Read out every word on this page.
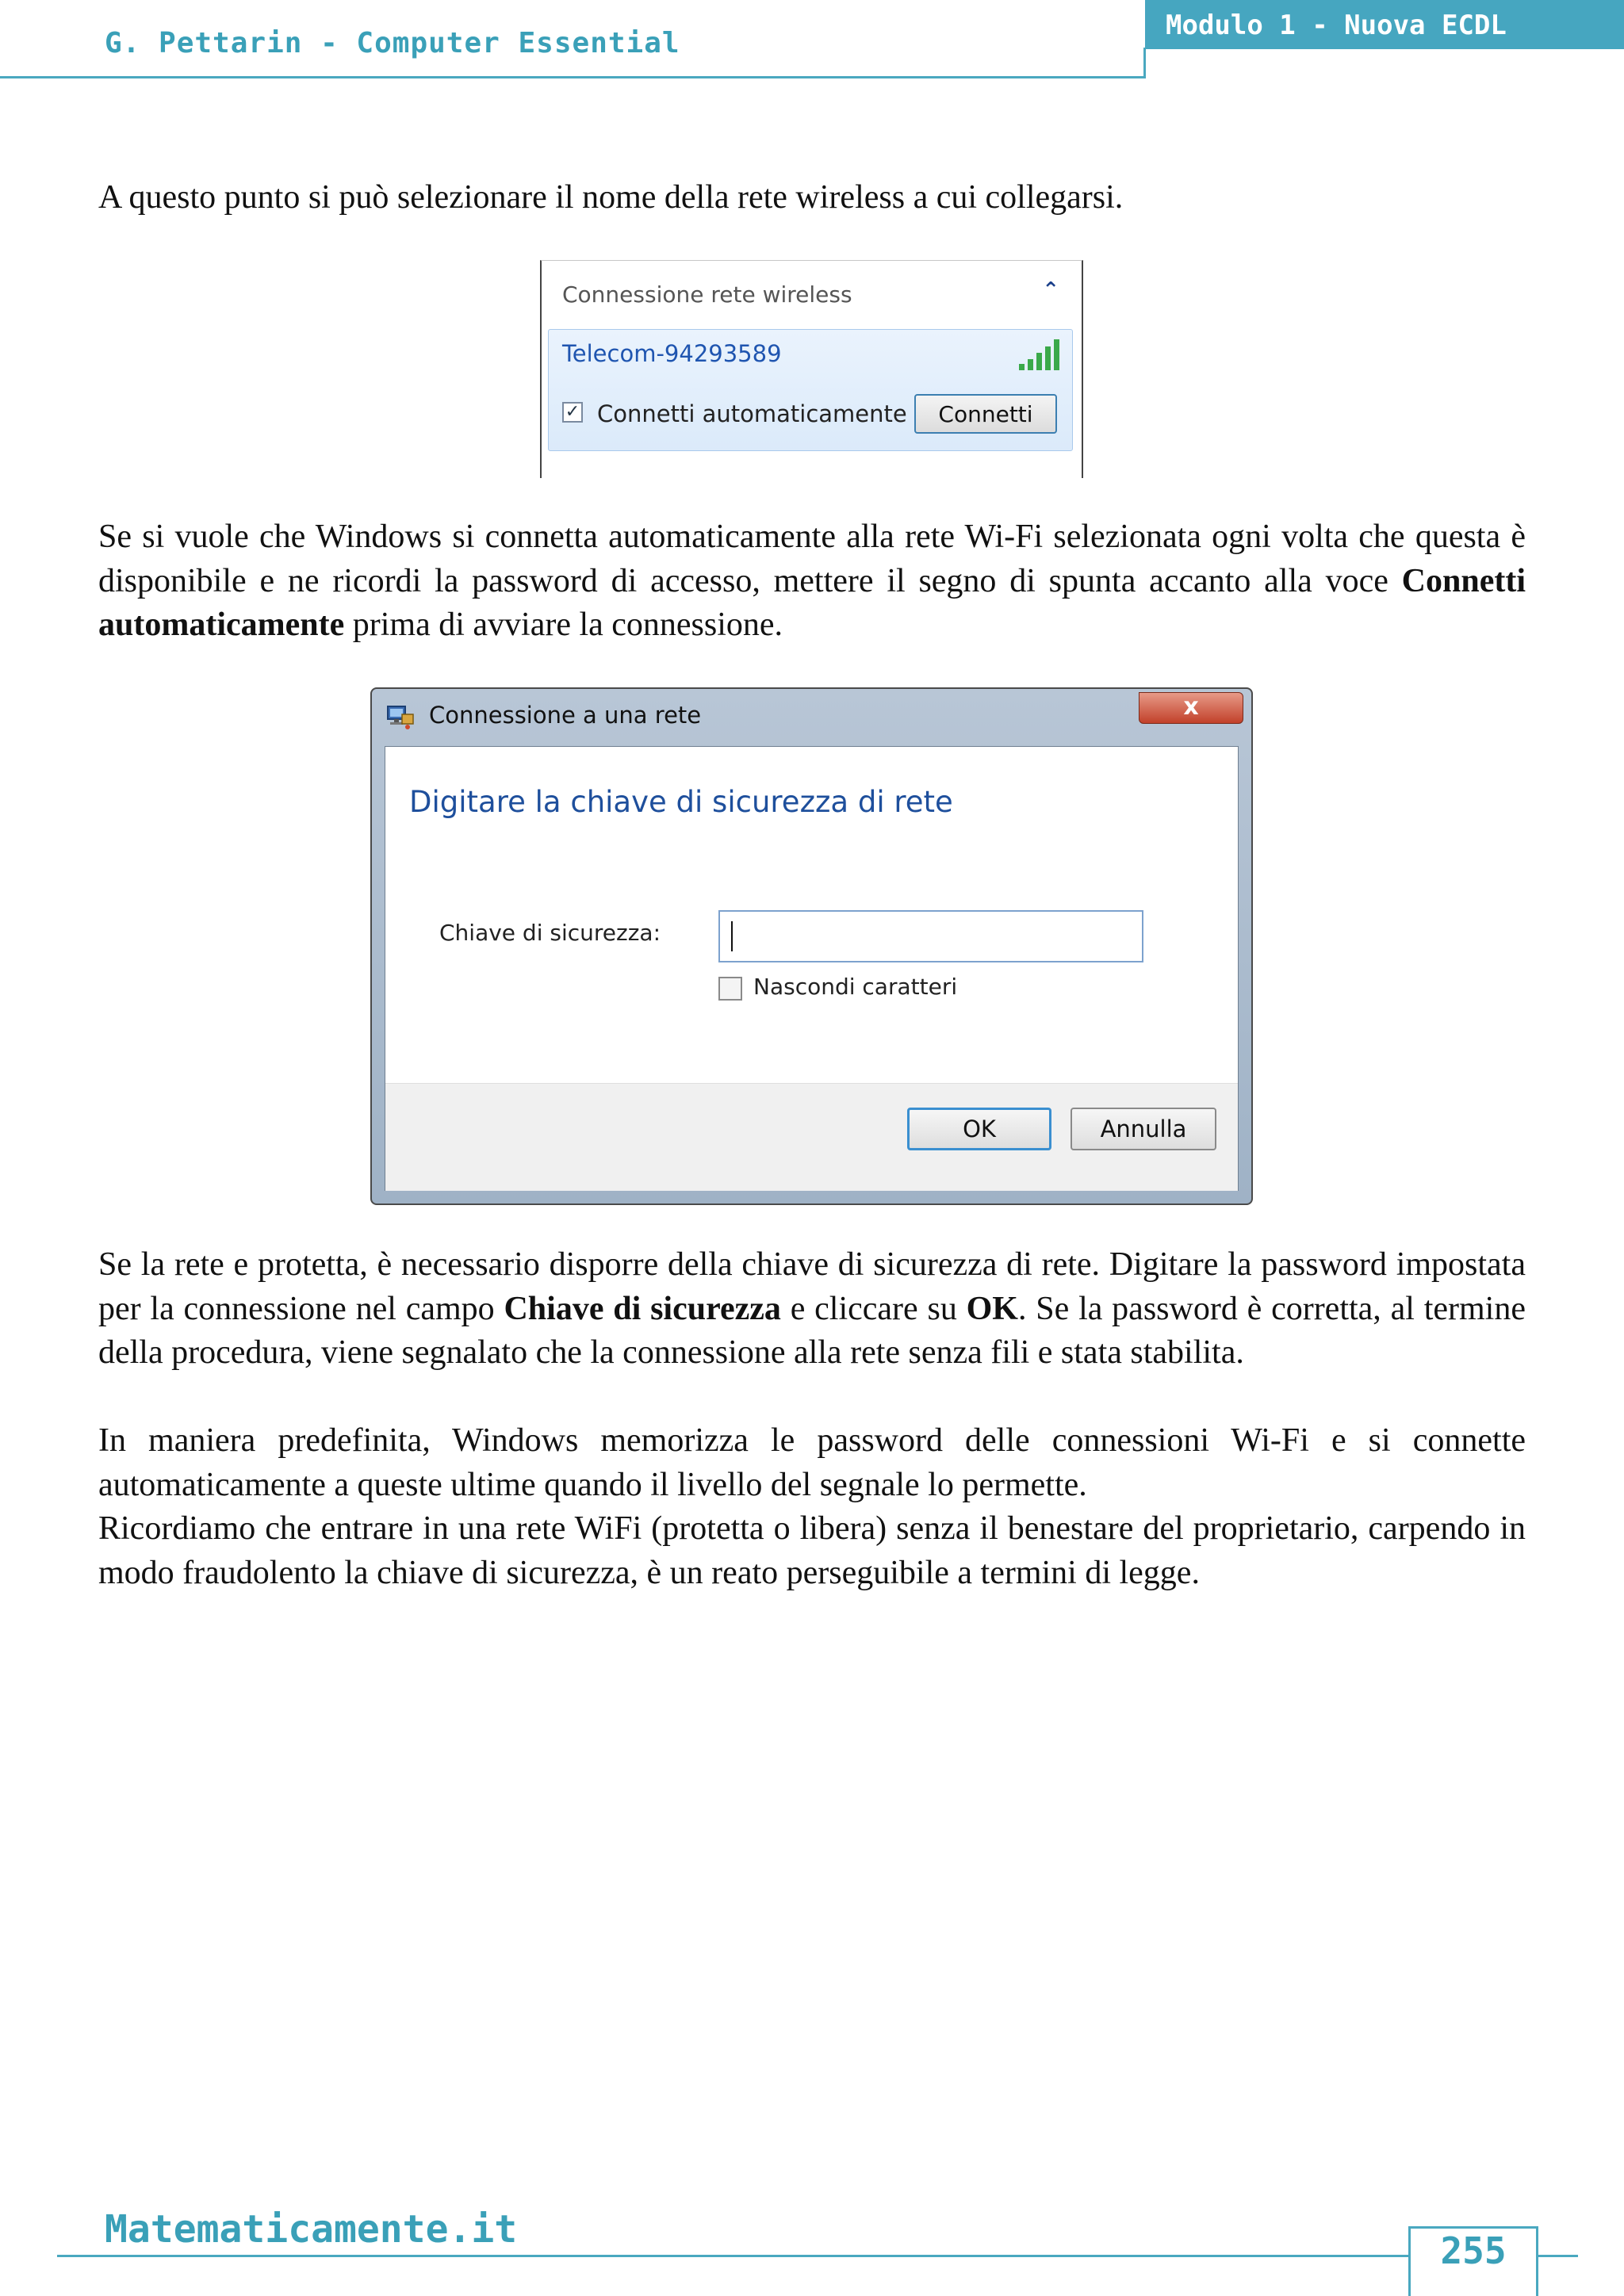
G. Pettarin - Computer Essential
Modulo 1 - Nuova ECDL
A questo punto si può selezionare il nome della rete wireless a cui collegarsi.
Connessione rete wireless	⌃
Telecom-94293589
✓ Connetti automaticamente	Connetti
Se si vuole che Windows si connetta automaticamente alla rete Wi-Fi selezionata ogni volta che questa è disponibile e ne ricordi la password di accesso, mettere il segno di spunta accanto alla voce Connetti automaticamente prima di avviare la connessione.
Connessione a una rete	x
Digitare la chiave di sicurezza di rete
Chiave di sicurezza:
Nascondi caratteri
OK	Annulla
Se la rete e protetta, è necessario disporre della chiave di sicurezza di rete. Digitare la password impostata per la connessione nel campo Chiave di sicurezza e cliccare su OK. Se la password è corretta, al termine della procedura, viene segnalato che la connessione alla rete senza fili e stata stabilita.
In maniera predefinita, Windows memorizza le password delle connessioni Wi-Fi e si connette automaticamente a queste ultime quando il livello del segnale lo permette.
Ricordiamo che entrare in una rete WiFi (protetta o libera) senza il benestare del proprietario, carpendo in modo fraudolento la chiave di sicurezza, è un reato perseguibile a termini di legge.
Matematicamente.it	255
